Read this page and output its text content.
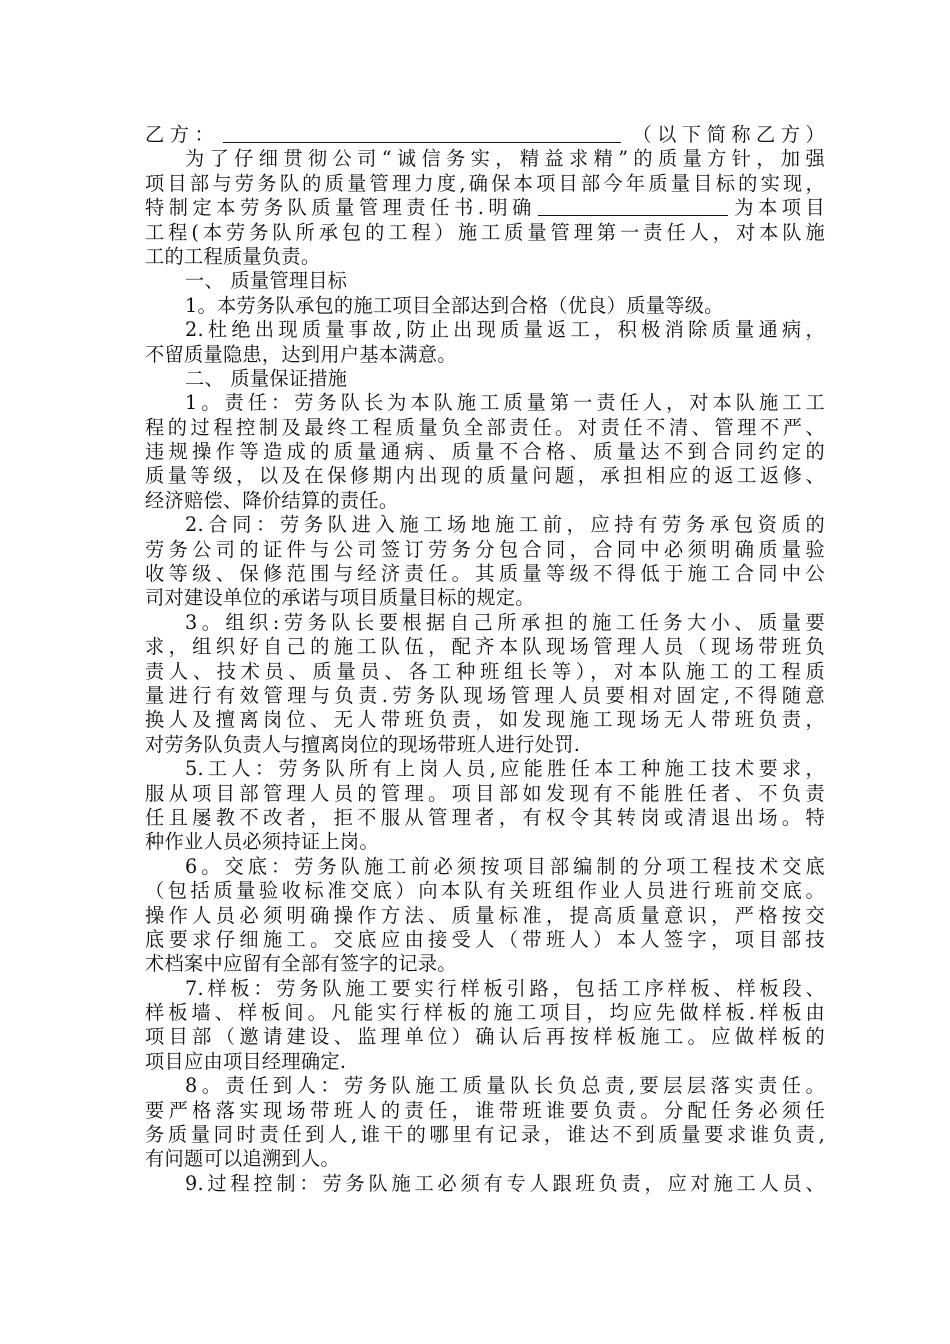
乙方：	（以下简称乙方）
为了仔细贯彻公司“诚信务实，精益求精”的质量方针，加强
项目部与劳务队的质量管理力度,确保本项目部今年质量目标的实现，
特制定本劳务队质量管理责任书.明确	为本项目
工程(本劳务队所承包的工程）施工质量管理第一责任人，对本队施
工的工程质量负责。
一、 质量管理目标
1。本劳务队承包的施工项目全部达到合格（优良）质量等级。
2.杜绝出现质量事故,防止出现质量返工，积极消除质量通病，
不留质量隐患，达到用户基本满意。
二、 质量保证措施
1。责任：劳务队长为本队施工质量第一责任人，对本队施工工
程的过程控制及最终工程质量负全部责任。对责任不清、管理不严、
违规操作等造成的质量通病、质量不合格、质量达不到合同约定的
质量等级，以及在保修期内出现的质量问题，承担相应的返工返修、
经济赔偿、降价结算的责任。
2.合同：劳务队进入施工场地施工前，应持有劳务承包资质的
劳务公司的证件与公司签订劳务分包合同，合同中必须明确质量验
收等级、保修范围与经济责任。其质量等级不得低于施工合同中公
司对建设单位的承诺与项目质量目标的规定。
3。组织:劳务队长要根据自己所承担的施工任务大小、质量要
求，组织好自己的施工队伍，配齐本队现场管理人员（现场带班负
责人、技术员、质量员、各工种班组长等），对本队施工的工程质
量进行有效管理与负责.劳务队现场管理人员要相对固定,不得随意
换人及擅离岗位、无人带班负责，如发现施工现场无人带班负责，
对劳务队负责人与擅离岗位的现场带班人进行处罚.
5.工人：劳务队所有上岗人员,应能胜任本工种施工技术要求，
服从项目部管理人员的管理。项目部如发现有不能胜任者、不负责
任且屡教不改者，拒不服从管理者，有权令其转岗或清退出场。特
种作业人员必须持证上岗。
6。交底：劳务队施工前必须按项目部编制的分项工程技术交底
（包括质量验收标准交底）向本队有关班组作业人员进行班前交底。
操作人员必须明确操作方法、质量标准，提高质量意识，严格按交
底要求仔细施工。交底应由接受人（带班人）本人签字，项目部技
术档案中应留有全部有签字的记录。
7.样板：劳务队施工要实行样板引路，包括工序样板、样板段、
样板墙、样板间。凡能实行样板的施工项目，均应先做样板.样板由
项目部（邀请建设、监理单位）确认后再按样板施工。应做样板的
项目应由项目经理确定.
8。责任到人：劳务队施工质量队长负总责,要层层落实责任。
要严格落实现场带班人的责任，谁带班谁要负责。分配任务必须任
务质量同时责任到人,谁干的哪里有记录，谁达不到质量要求谁负责,
有问题可以追溯到人。
9.过程控制：劳务队施工必须有专人跟班负责，应对施工人员、
